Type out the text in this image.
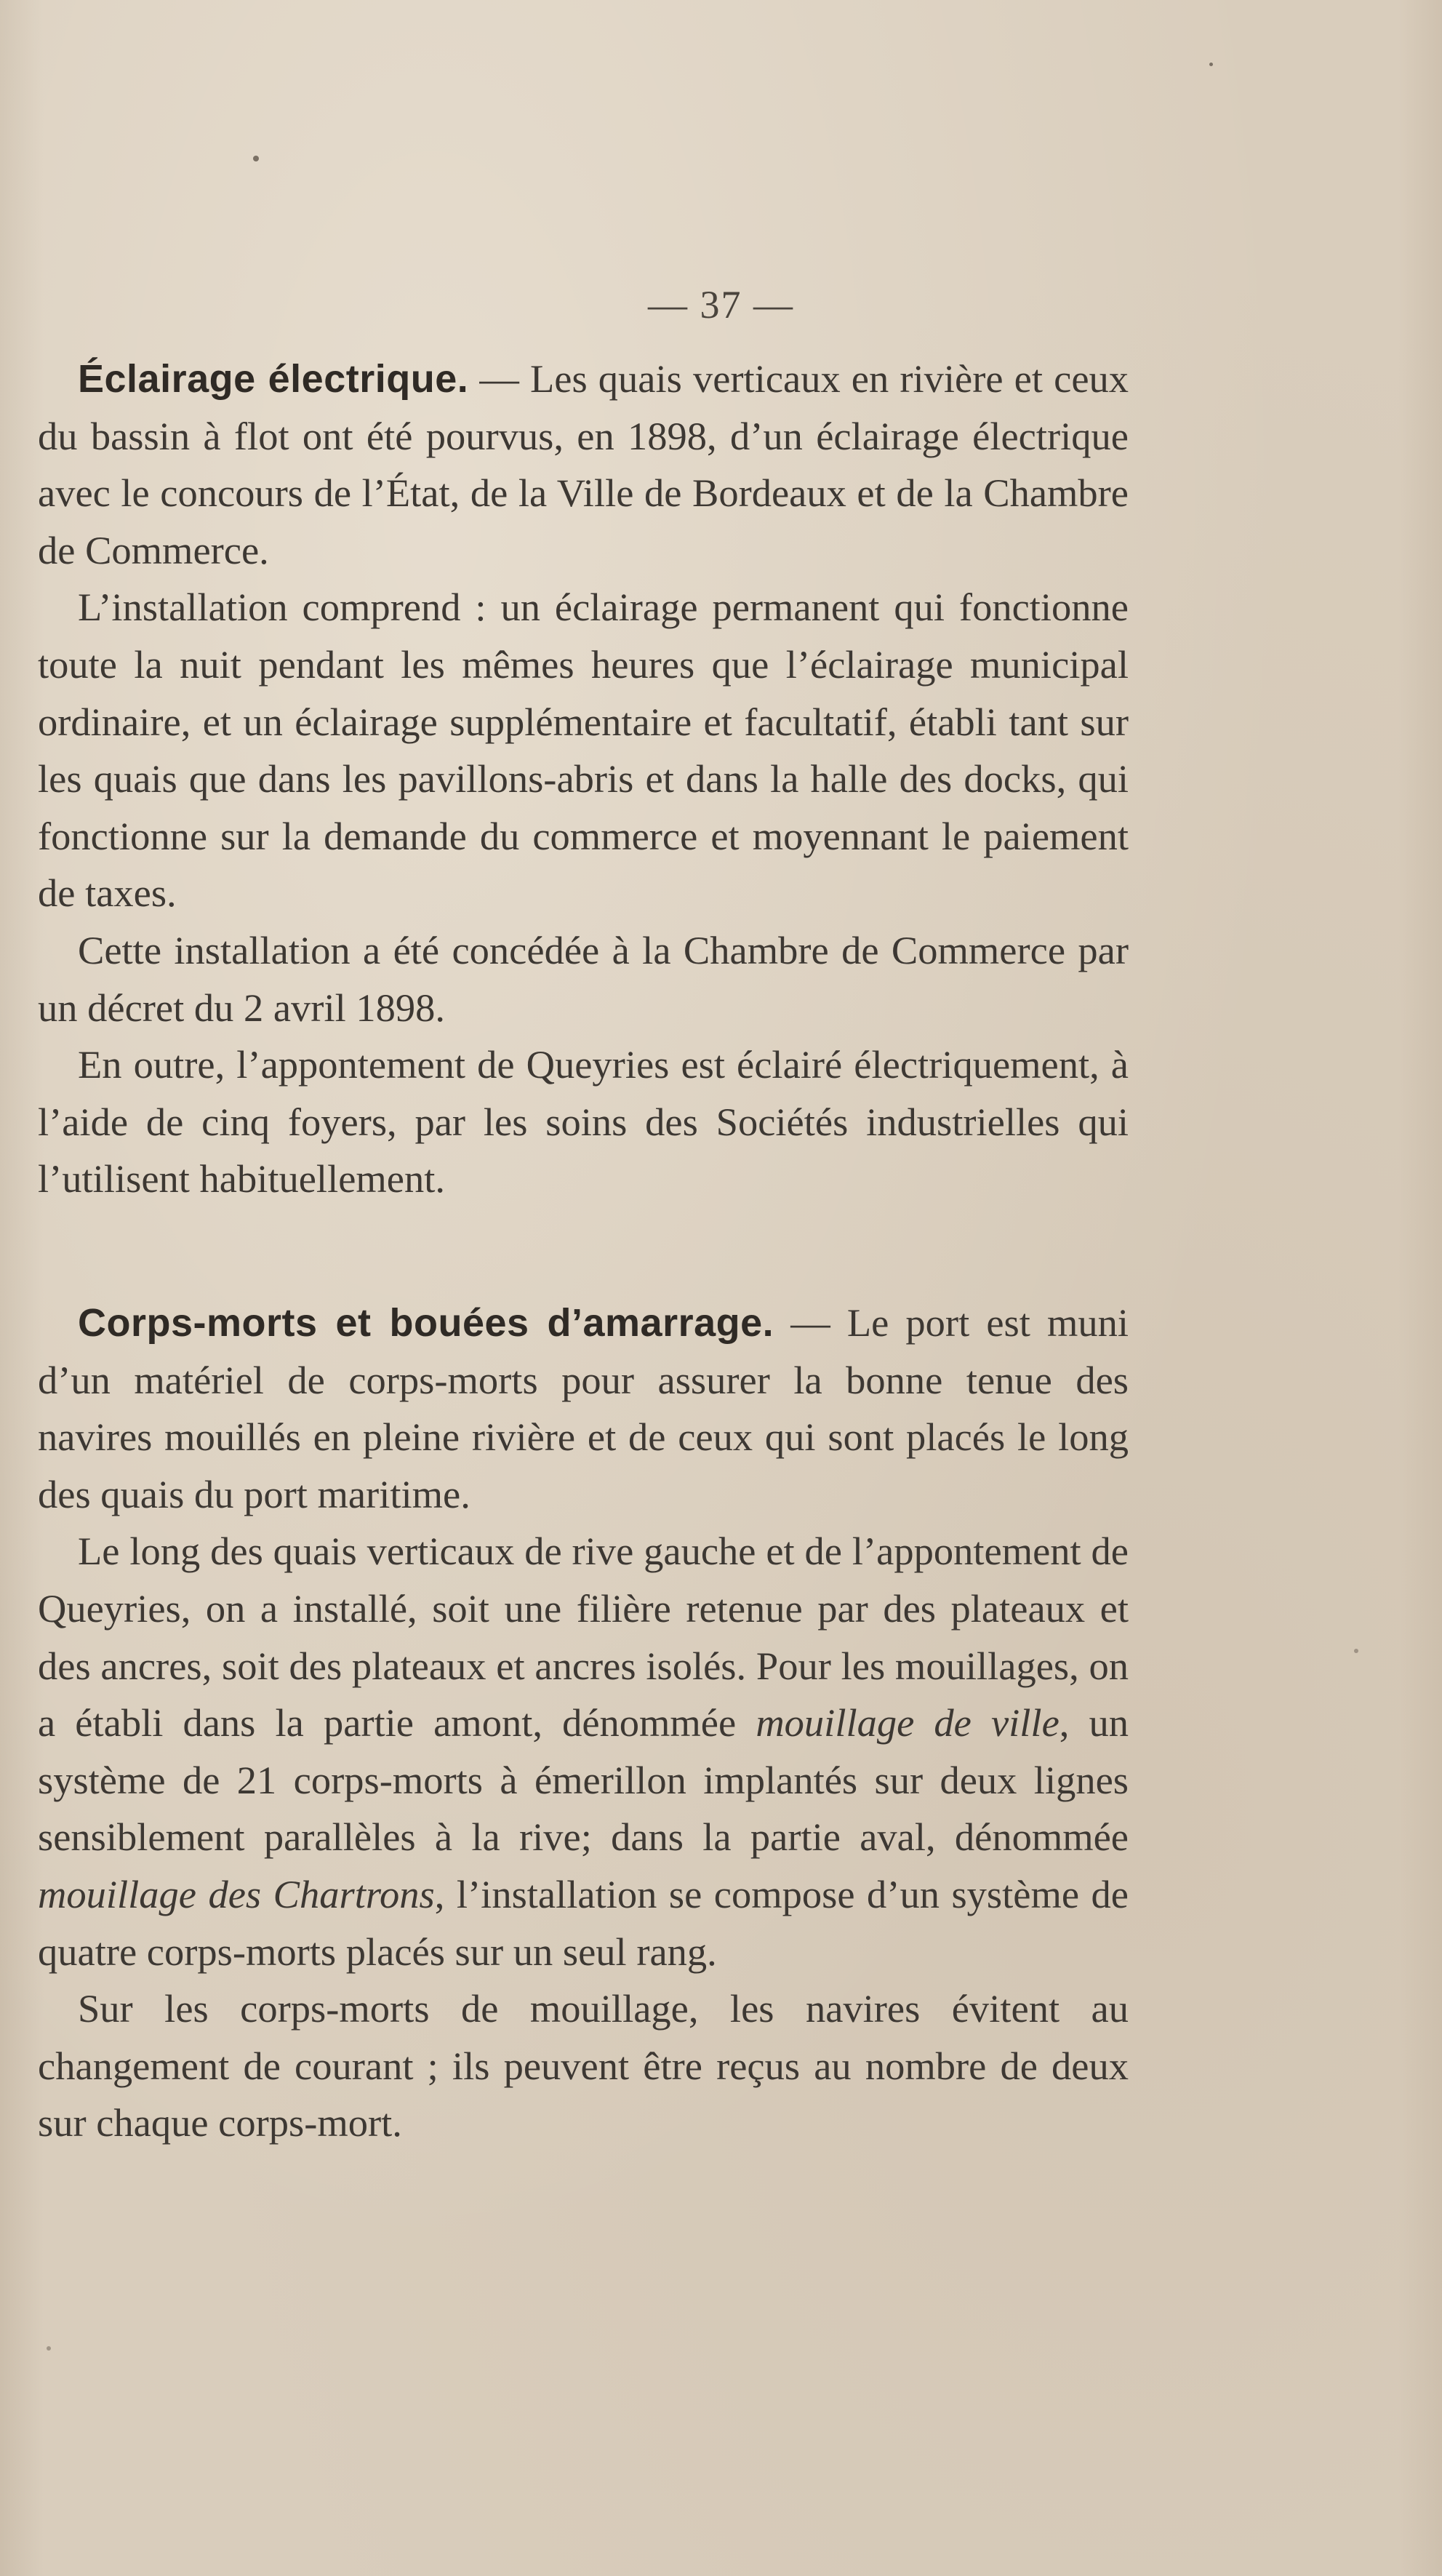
— 37 —

Éclairage électrique. — Les quais verticaux en rivière et ceux du bassin à flot ont été pourvus, en 1898, d’un éclairage électrique avec le concours de l’État, de la Ville de Bordeaux et de la Chambre de Commerce.

L’installation comprend : un éclairage permanent qui fonctionne toute la nuit pendant les mêmes heures que l’éclairage municipal ordinaire, et un éclairage supplémentaire et facultatif, établi tant sur les quais que dans les pavillons-abris et dans la halle des docks, qui fonctionne sur la demande du commerce et moyennant le paiement de taxes.

Cette installation a été concédée à la Chambre de Commerce par un décret du 2 avril 1898.

En outre, l’appontement de Queyries est éclairé électriquement, à l’aide de cinq foyers, par les soins des Sociétés industrielles qui l’utilisent habituellement.

Corps-morts et bouées d’amarrage. — Le port est muni d’un matériel de corps-morts pour assurer la bonne tenue des navires mouillés en pleine rivière et de ceux qui sont placés le long des quais du port maritime.

Le long des quais verticaux de rive gauche et de l’appontement de Queyries, on a installé, soit une filière retenue par des plateaux et des ancres, soit des plateaux et ancres isolés. Pour les mouillages, on a établi dans la partie amont, dénommée mouillage de ville, un système de 21 corps-morts à émerillon implantés sur deux lignes sensiblement parallèles à la rive; dans la partie aval, dénommée mouillage des Chartrons, l’installation se compose d’un système de quatre corps-morts placés sur un seul rang.

Sur les corps-morts de mouillage, les navires évitent au changement de courant ; ils peuvent être reçus au nombre de deux sur chaque corps-mort.
